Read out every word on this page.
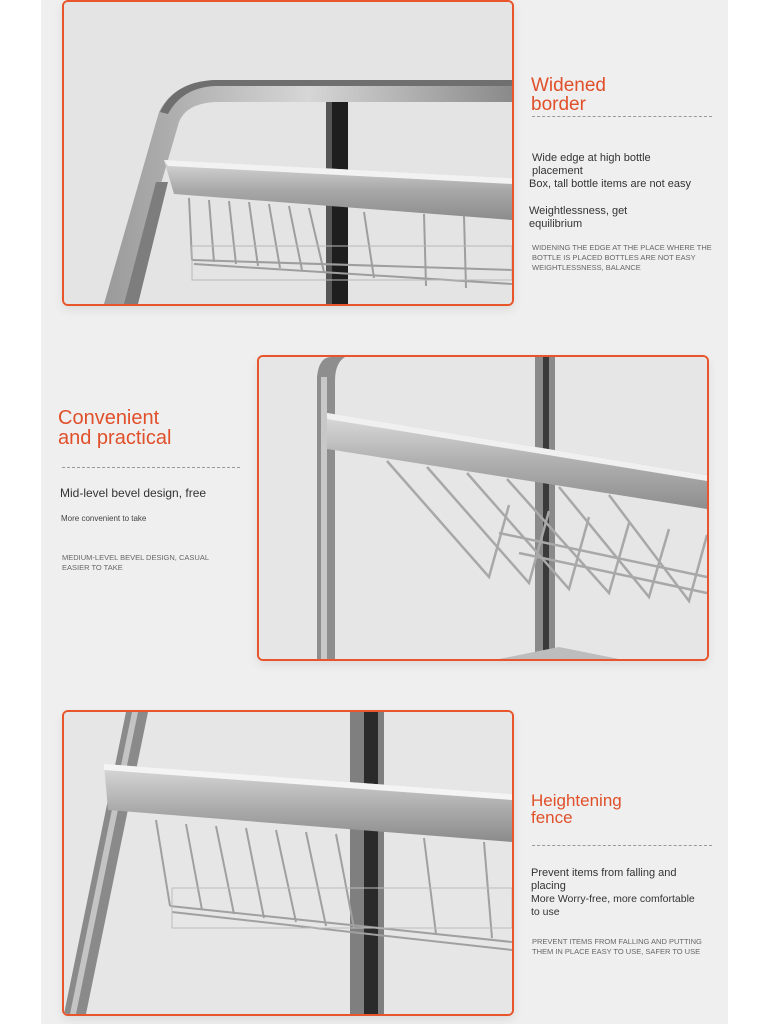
Widened
border
Wide edge at high bottle
placement
Box, tall bottle items are not easy
Weightlessness, get
equilibrium
WIDENING THE EDGE AT THE PLACE WHERE THE
BOTTLE IS PLACED BOTTLES ARE NOT EASY
WEIGHTLESSNESS, BALANCE
Convenient
and practical
Mid-level bevel design, free
More convenient to take
MEDIUM-LEVEL BEVEL DESIGN, CASUAL
EASIER TO TAKE
Heightening
fence
Prevent items from falling and
placing
More Worry-free, more comfortable
to use
PREVENT ITEMS FROM FALLING AND PUTTING
THEM IN PLACE EASY TO USE, SAFER TO USE
